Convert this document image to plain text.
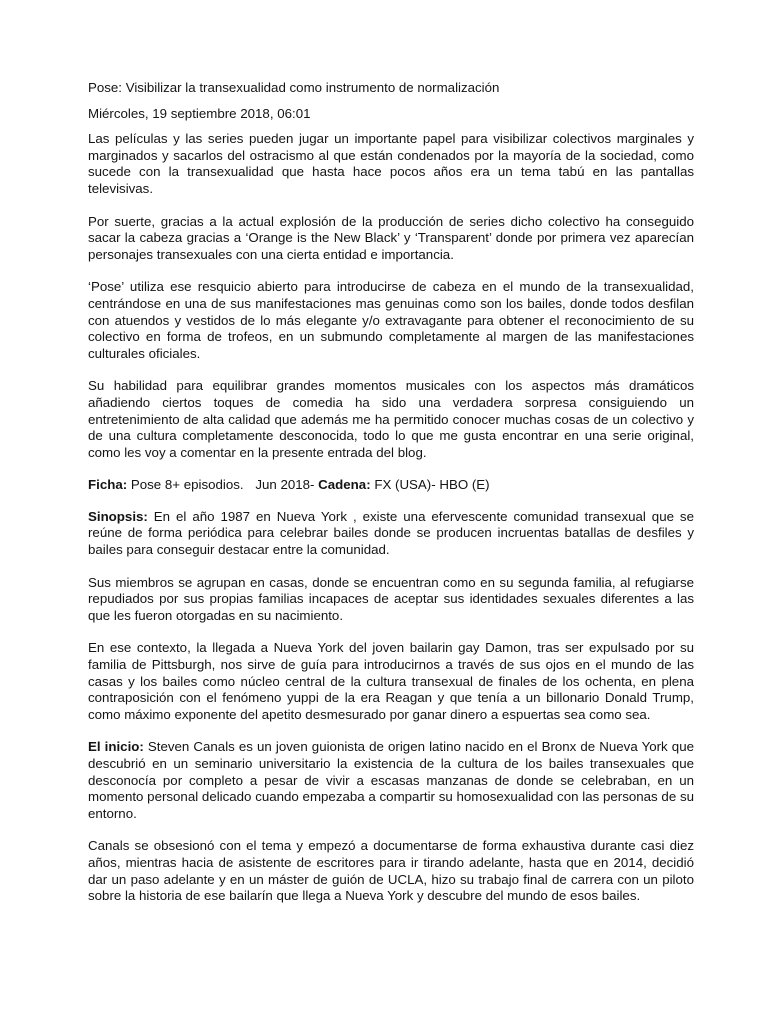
Pose: Visibilizar la transexualidad como instrumento de normalización
Miércoles, 19 septiembre 2018, 06:01

Las películas y las series pueden jugar un importante papel para visibilizar colectivos marginales y marginados y sacarlos del ostracismo al que están condenados por la mayoría de la sociedad, como sucede con la transexualidad que hasta hace pocos años era un tema tabú en las pantallas televisivas.

Por suerte, gracias a la actual explosión de la producción de series dicho colectivo ha conseguido sacar la cabeza gracias a ‘Orange is the New Black’ y ‘Transparent’ donde por primera vez aparecían personajes transexuales con una cierta entidad e importancia.

‘Pose’ utiliza ese resquicio abierto para introducirse de cabeza en el mundo de la transexualidad, centrándose en una de sus manifestaciones mas genuinas como son los bailes, donde todos desfilan con atuendos y vestidos de lo más elegante y/o extravagante para obtener el reconocimiento de su colectivo en forma de trofeos, en un submundo completamente al margen de las manifestaciones culturales oficiales.

Su habilidad para equilibrar grandes momentos musicales con los aspectos más dramáticos añadiendo ciertos toques de comedia ha sido una verdadera sorpresa consiguiendo un entretenimiento de alta calidad que además me ha permitido conocer muchas cosas de un colectivo y de una cultura completamente desconocida, todo lo que me gusta encontrar en una serie original, como les voy a comentar en la presente entrada del blog.

Ficha: Pose 8+ episodios. Jun 2018- Cadena: FX (USA)- HBO (E)

Sinopsis: En el año 1987 en Nueva York , existe una efervescente comunidad transexual que se reúne de forma periódica para celebrar bailes donde se producen incruentas batallas de desfiles y bailes para conseguir destacar entre la comunidad.

Sus miembros se agrupan en casas, donde se encuentran como en su segunda familia, al refugiarse repudiados por sus propias familias incapaces de aceptar sus identidades sexuales diferentes a las que les fueron otorgadas en su nacimiento.

En ese contexto, la llegada a Nueva York del joven bailarin gay Damon, tras ser expulsado por su familia de Pittsburgh, nos sirve de guía para introducirnos a través de sus ojos en el mundo de las casas y los bailes como núcleo central de la cultura transexual de finales de los ochenta, en plena contraposición con el fenómeno yuppi de la era Reagan y que tenía a un billonario Donald Trump, como máximo exponente del apetito desmesurado por ganar dinero a espuertas sea como sea.

El inicio: Steven Canals es un joven guionista de origen latino nacido en el Bronx de Nueva York que descubrió en un seminario universitario la existencia de la cultura de los bailes transexuales que desconocía por completo a pesar de vivir a escasas manzanas de donde se celebraban, en un momento personal delicado cuando empezaba a compartir su homosexualidad con las personas de su entorno.

Canals se obsesionó con el tema y empezó a documentarse de forma exhaustiva durante casi diez años, mientras hacia de asistente de escritores para ir tirando adelante, hasta que en 2014, decidió dar un paso adelante y en un máster de guión de UCLA, hizo su trabajo final de carrera con un piloto sobre la historia de ese bailarín que llega a Nueva York y descubre del mundo de esos bailes.
